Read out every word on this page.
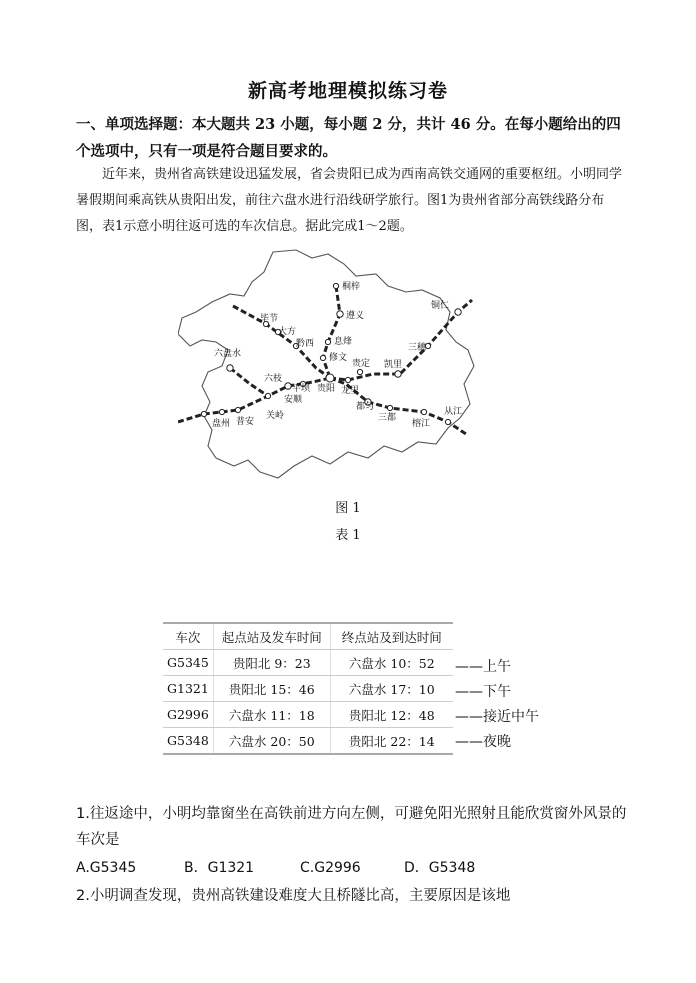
新高考地理模拟练习卷
一、单项选择题：本大题共 23 小题，每小题 2 分，共计 46 分。在每小题给出的四个选项中，只有一项是符合题目要求的。
近年来，贵州省高铁建设迅猛发展，省会贵阳已成为西南高铁交通网的重要枢纽。小明同学暑假期间乘高铁从贵阳出发，前往六盘水进行沿线研学旅行。图1为贵州省部分高铁线路分布图，表1示意小明往返可选的车次信息。据此完成1～2题。
桐梓
遵义
息烽
修文
毕节
大方
黔西
六盘水
六枝
平坝
安顺
贵阳
贵定
龙里
凯里
三穗
铜仁
都匀
三都
榕江
从江
盘州 普安
关岭
图 1
表 1
车次	起点站及发车时间	终点站及到达时间
G5345	贵阳北 9：23	六盘水 10：52
G1321	贵阳北 15：46	六盘水 17：10
G2996	六盘水 11：18	贵阳北 12：48
G5348	六盘水 20：50	贵阳北 22：14
——上午
——下午
——接近中午
——夜晚
1.往返途中，小明均靠窗坐在高铁前进方向左侧，可避免阳光照射且能欣赏窗外风景的车次是
A.G5345	B．G1321	C.G2996	D．G5348
2.小明调查发现，贵州高铁建设难度大且桥隧比高，主要原因是该地
